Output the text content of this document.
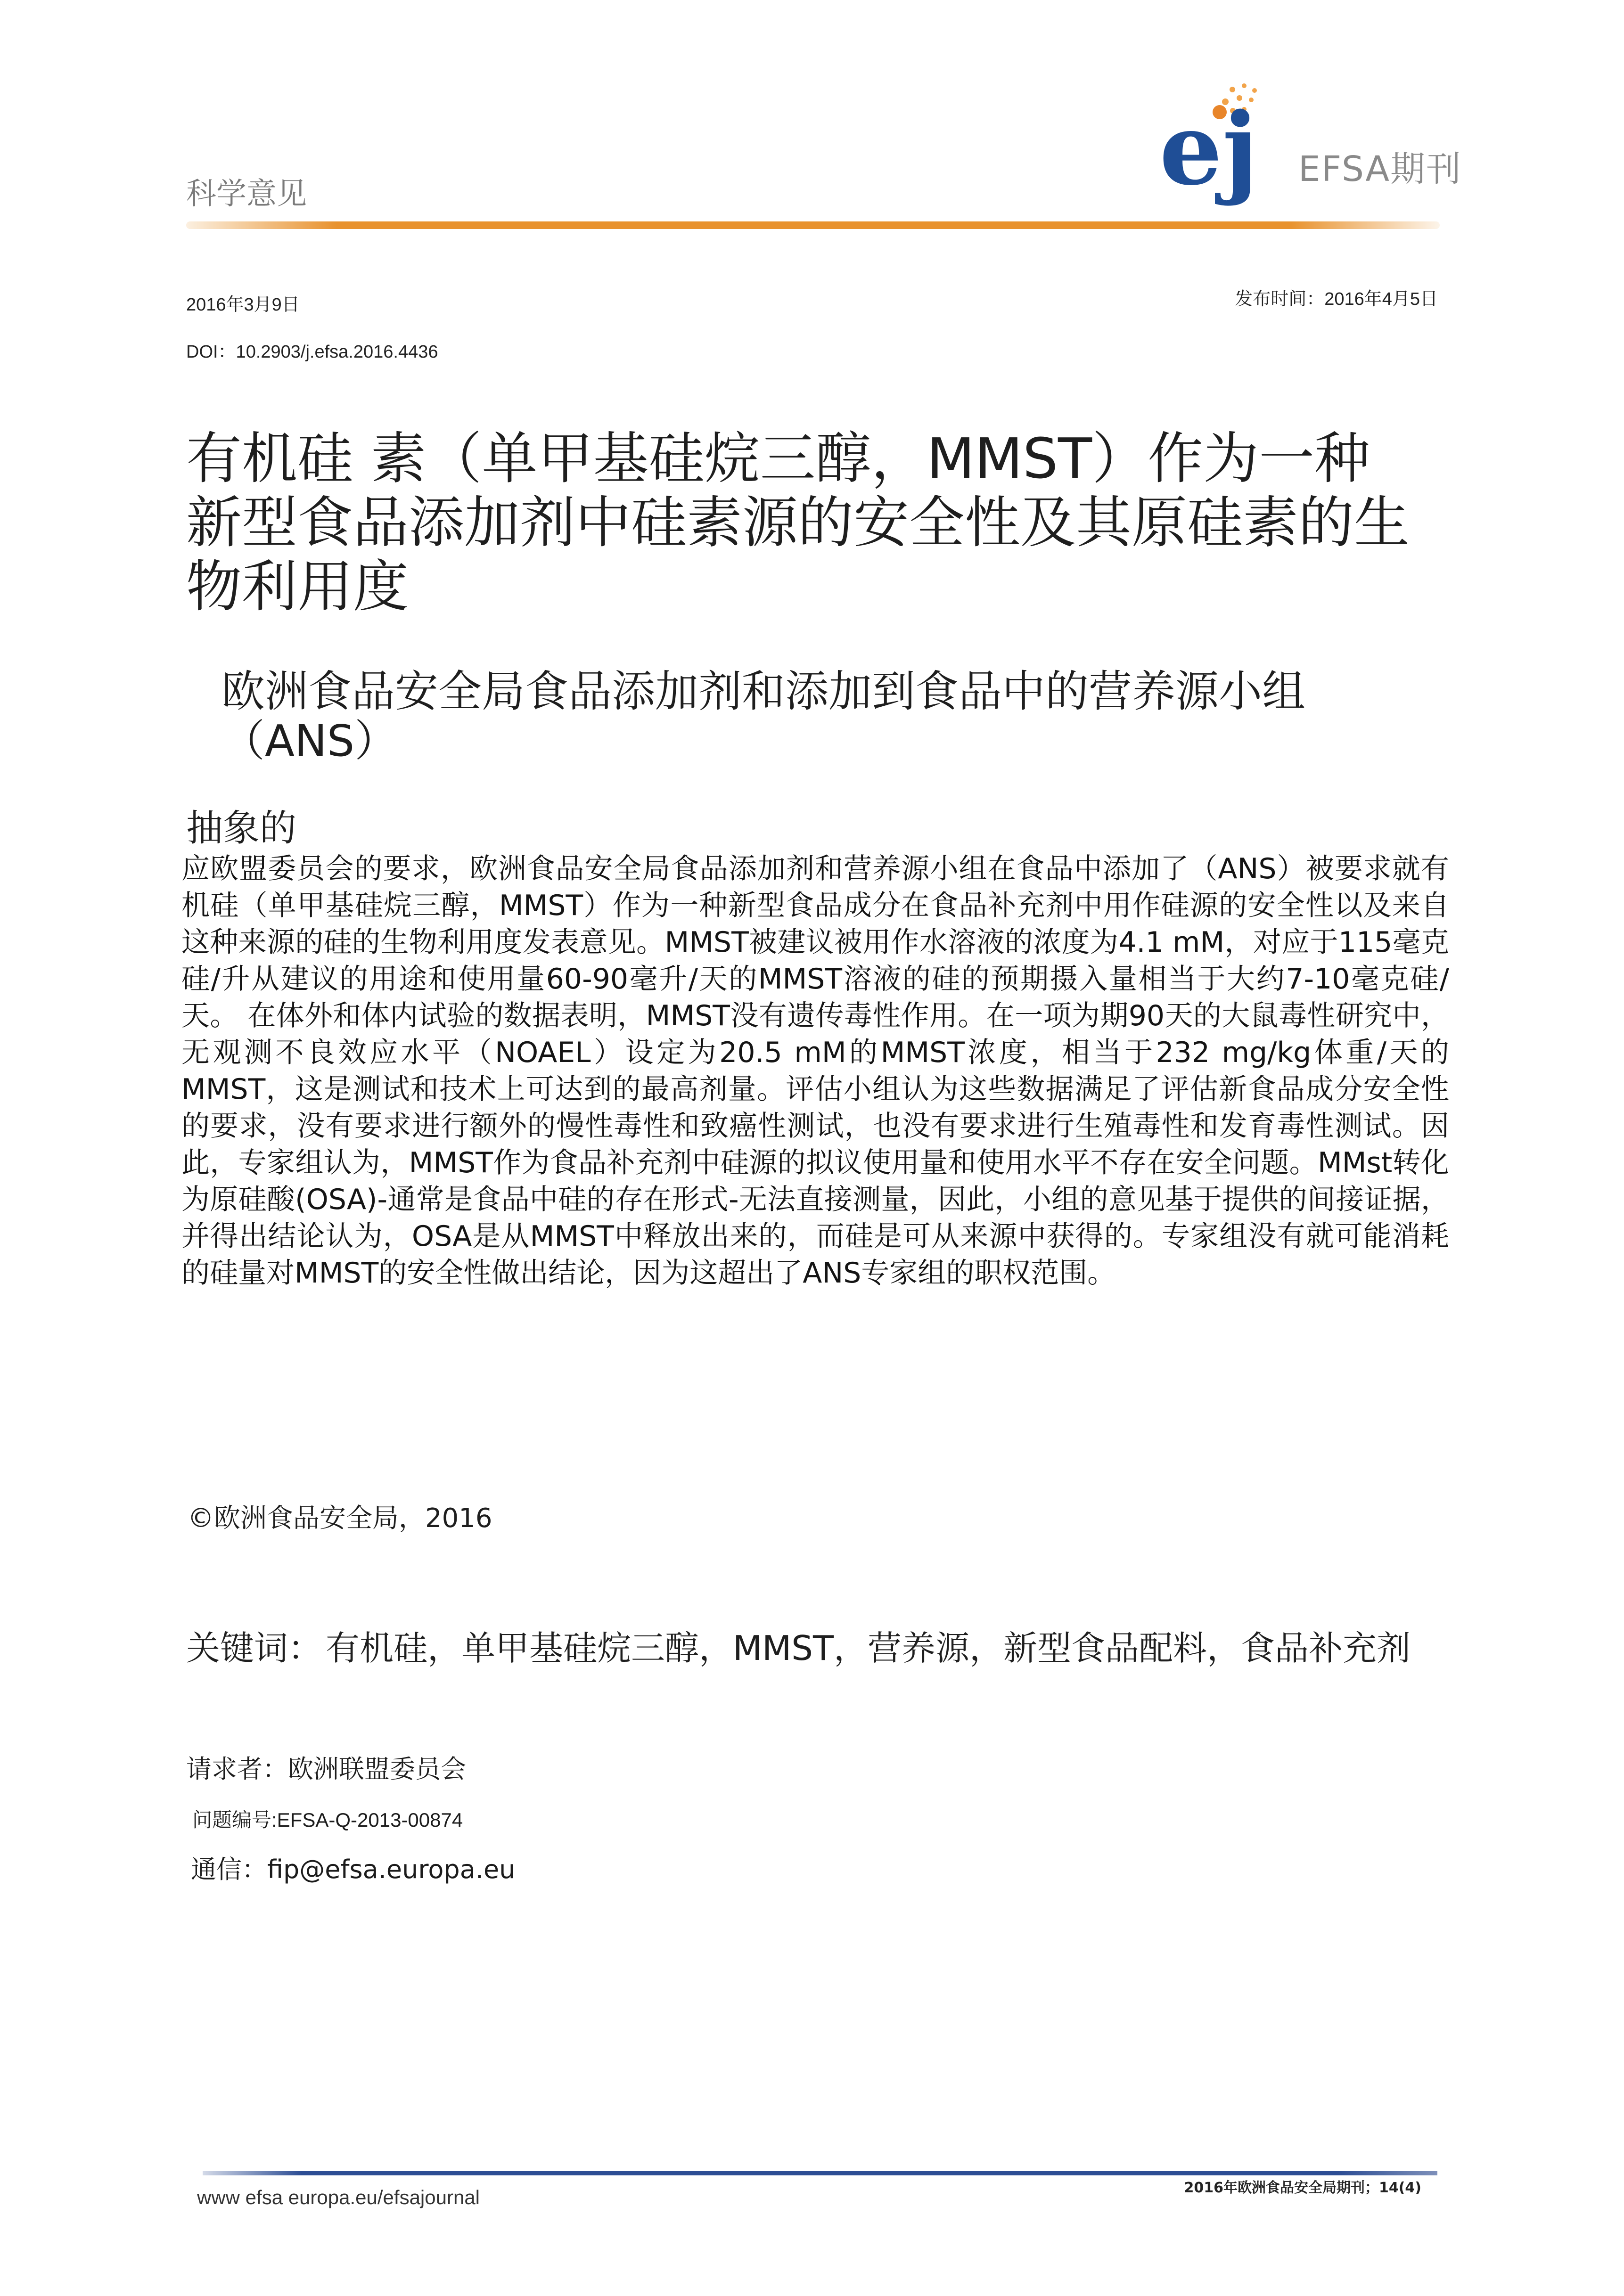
科学意见	ej EFSA期刊
2016年3月9日	发布时间：2016年4月5日
DOI：10.2903/j.efsa.2016.4436
有机硅 素（单甲基硅烷三醇，MMST）作为一种新型食品添加剂中硅素源的安全性及其原硅素的生物利用度
欧洲食品安全局食品添加剂和添加到食品中的营养源小组（ANS）
抽象的
应欧盟委员会的要求，欧洲食品安全局食品添加剂和营养源小组在食品中添加了（ANS）被要求就有机硅（单甲基硅烷三醇，MMST）作为一种新型食品成分在食品补充剂中用作硅源的安全性以及来自这种来源的硅的生物利用度发表意见。MMST被建议被用作水溶液的浓度为4.1 mM，对应于115毫克硅/升从建议的用途和使用量60-90毫升/天的MMST溶液的硅的预期摄入量相当于大约7-10毫克硅/天。 在体外和体内试验的数据表明，MMST没有遗传毒性作用。在一项为期90天的大鼠毒性研究中，无观测不良效应水平（NOAEL）设定为20.5 mM的MMST浓度，相当于232 mg/kg体重/天的MMST，这是测试和技术上可达到的最高剂量。评估小组认为这些数据满足了评估新食品成分安全性的要求，没有要求进行额外的慢性毒性和致癌性测试，也没有要求进行生殖毒性和发育毒性测试。因此，专家组认为，MMST作为食品补充剂中硅源的拟议使用量和使用水平不存在安全问题。MMst转化为原硅酸(OSA)-通常是食品中硅的存在形式-无法直接测量，因此，小组的意见基于提供的间接证据，并得出结论认为，OSA是从MMST中释放出来的，而硅是可从来源中获得的。专家组没有就可能消耗的硅量对MMST的安全性做出结论，因为这超出了ANS专家组的职权范围。
©欧洲食品安全局，2016
关键词： 有机硅，单甲基硅烷三醇，MMST，营养源，新型食品配料，食品补充剂
请求者：欧洲联盟委员会
问题编号:EFSA-Q-2013-00874
通信：fip@efsa.europa.eu
www efsa europa.eu/efsajournal	2016年欧洲食品安全局期刊；14(4)
